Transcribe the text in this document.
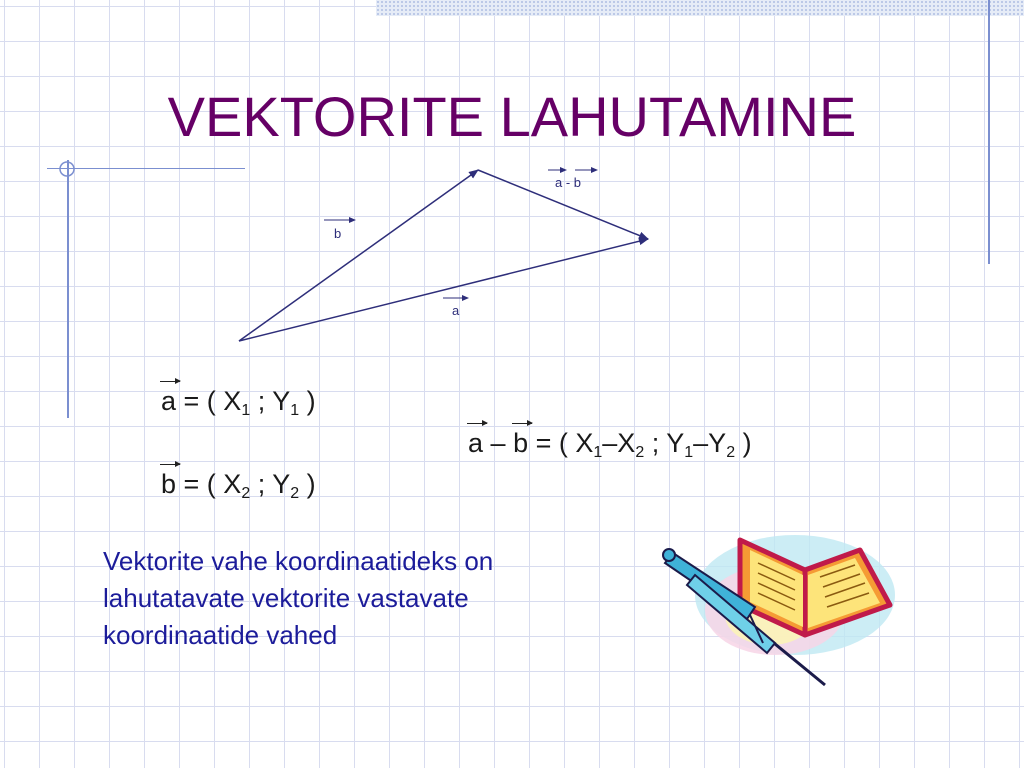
VEKTORITE LAHUTAMINE
b
a
a - b
a = ( $X_1$ ; $Y_1$ )
b = ( $X_2$ ; $Y_2$ )
a – b = ( $X_1-X_2$ ; $Y_1-Y_2$ )
Vektorite vahe koordinaatideks on
lahutatavate vektorite vastavate
koordinaatide vahed
